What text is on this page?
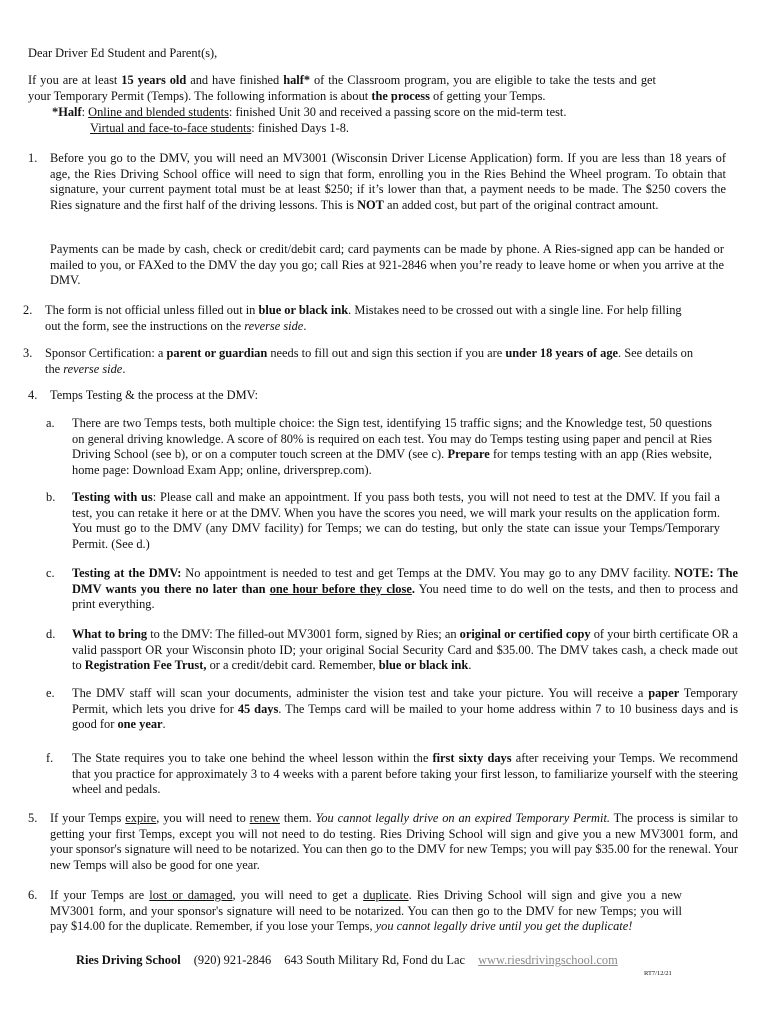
Dear Driver Ed Student and Parent(s),

If you are at least 15 years old and have finished half* of the Classroom program, you are eligible to take the tests and get your Temporary Permit (Temps). The following information is about the process of getting your Temps.

*Half: Online and blended students: finished Unit 30 and received a passing score on the mid-term test.

Virtual and face-to-face students: finished Days 1-8.

1. Before you go to the DMV, you will need an MV3001 (Wisconsin Driver License Application) form. If you are less than 18 years of age, the Ries Driving School office will need to sign that form, enrolling you in the Ries Behind the Wheel program. To obtain that signature, your current payment total must be at least $250; if it’s lower than that, a payment needs to be made. The $250 covers the Ries signature and the first half of the driving lessons. This is NOT an added cost, but part of the original contract amount.

Payments can be made by cash, check or credit/debit card; card payments can be made by phone. A Ries-signed app can be handed or mailed to you, or FAXed to the DMV the day you go; call Ries at 921-2846 when you’re ready to leave home or when you arrive at the DMV.

2. The form is not official unless filled out in blue or black ink. Mistakes need to be crossed out with a single line. For help filling out the form, see the instructions on the reverse side.

3. Sponsor Certification: a parent or guardian needs to fill out and sign this section if you are under 18 years of age. See details on the reverse side.

4. Temps Testing & the process at the DMV:

a. There are two Temps tests, both multiple choice: the Sign test, identifying 15 traffic signs; and the Knowledge test, 50 questions on general driving knowledge. A score of 80% is required on each test. You may do Temps testing using paper and pencil at Ries Driving School (see b), or on a computer touch screen at the DMV (see c). Prepare for temps testing with an app (Ries website, home page: Download Exam App; online, driversprep.com).

b. Testing with us: Please call and make an appointment. If you pass both tests, you will not need to test at the DMV. If you fail a test, you can retake it here or at the DMV. When you have the scores you need, we will mark your results on the application form. You must go to the DMV (any DMV facility) for Temps; we can do testing, but only the state can issue your Temps/Temporary Permit. (See d.)

c. Testing at the DMV: No appointment is needed to test and get Temps at the DMV. You may go to any DMV facility. NOTE: The DMV wants you there no later than one hour before they close. You need time to do well on the tests, and then to process and print everything.

d. What to bring to the DMV: The filled-out MV3001 form, signed by Ries; an original or certified copy of your birth certificate OR a valid passport OR your Wisconsin photo ID; your original Social Security Card and $35.00. The DMV takes cash, a check made out to Registration Fee Trust, or a credit/debit card. Remember, blue or black ink.

e. The DMV staff will scan your documents, administer the vision test and take your picture. You will receive a paper Temporary Permit, which lets you drive for 45 days. The Temps card will be mailed to your home address within 7 to 10 business days and is good for one year.

f. The State requires you to take one behind the wheel lesson within the first sixty days after receiving your Temps. We recommend that you practice for approximately 3 to 4 weeks with a parent before taking your first lesson, to familiarize yourself with the steering wheel and pedals.

5. If your Temps expire, you will need to renew them. You cannot legally drive on an expired Temporary Permit. The process is similar to getting your first Temps, except you will not need to do testing. Ries Driving School will sign and give you a new MV3001 form, and your sponsor's signature will need to be notarized. You can then go to the DMV for new Temps; you will pay $35.00 for the renewal. Your new Temps will also be good for one year.

6. If your Temps are lost or damaged, you will need to get a duplicate. Ries Driving School will sign and give you a new MV3001 form, and your sponsor's signature will need to be notarized. You can then go to the DMV for new Temps; you will pay $14.00 for the duplicate. Remember, if you lose your Temps, you cannot legally drive until you get the duplicate!

Ries Driving School (920) 921-2846 643 South Military Rd, Fond du Lac www.riesdrivingschool.com
RT7/12/21
